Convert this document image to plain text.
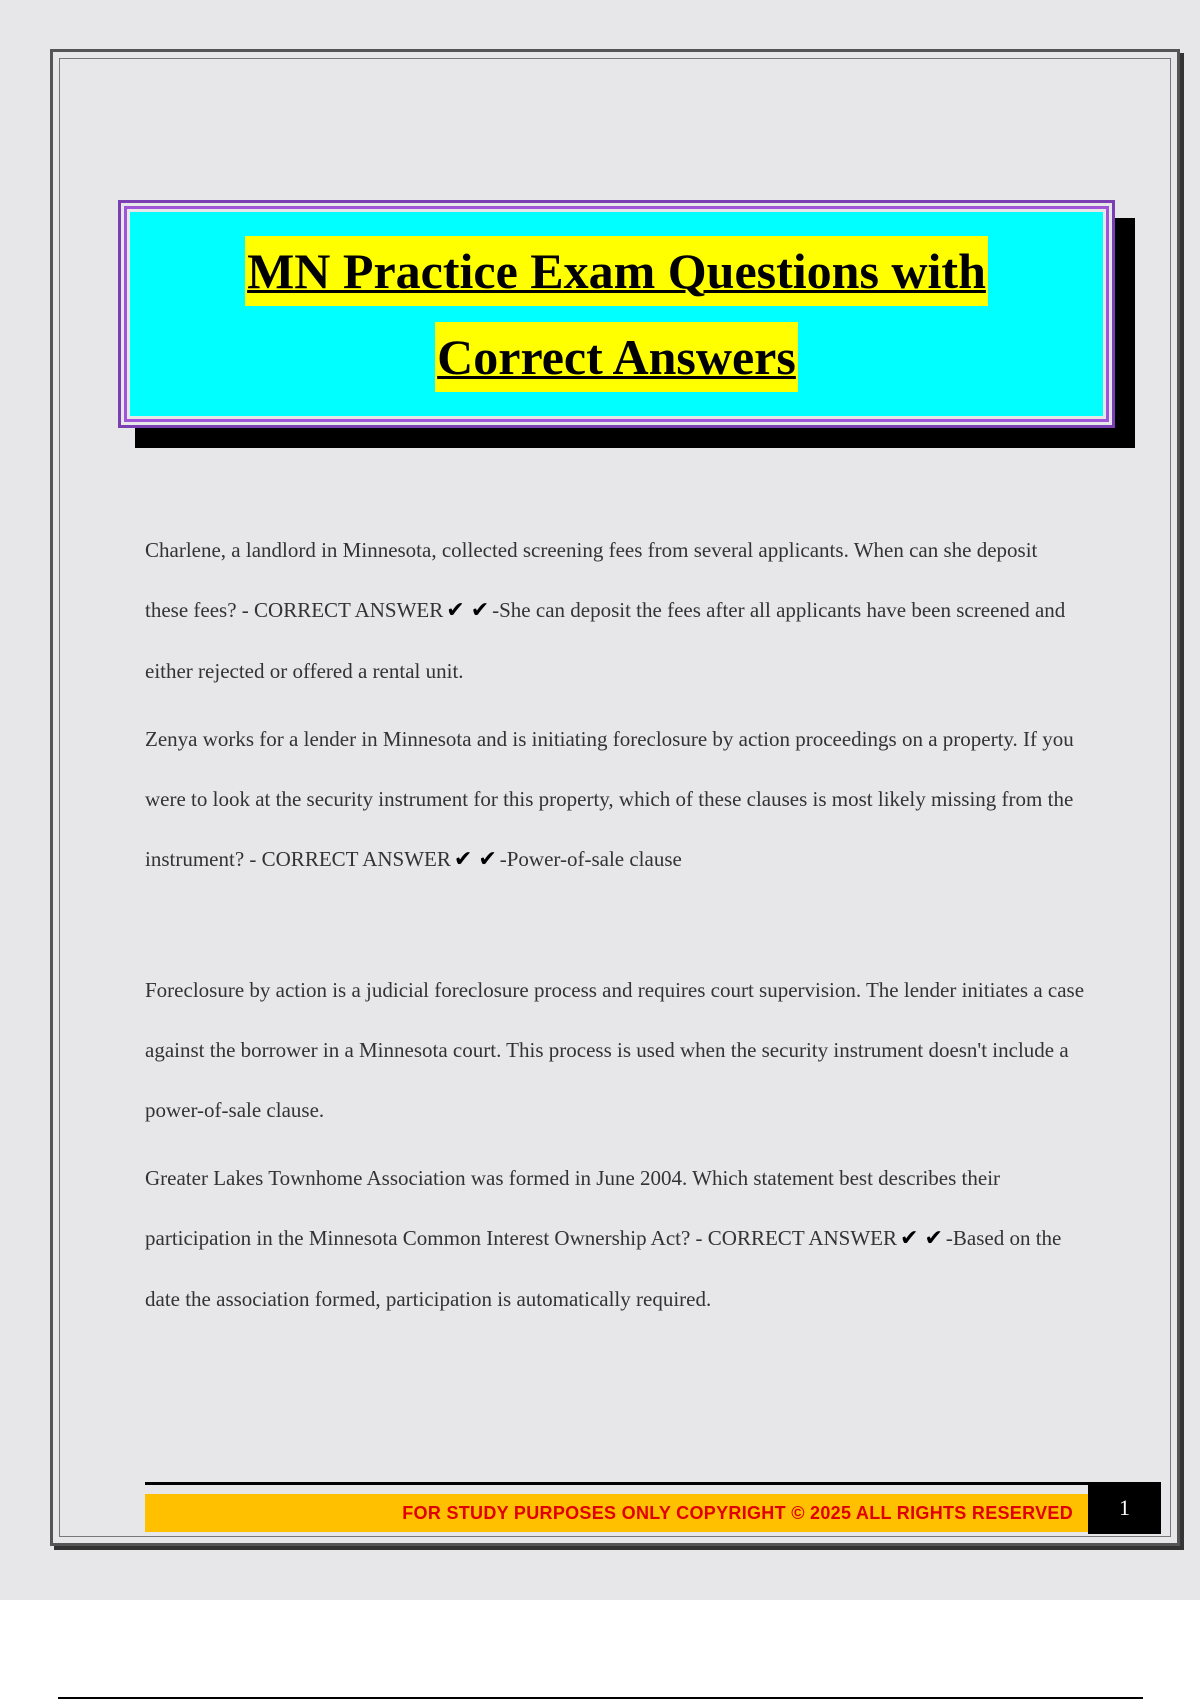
MN Practice Exam Questions with
Correct Answers

Charlene, a landlord in Minnesota, collected screening fees from several applicants. When can she deposit these fees? - CORRECT ANSWER ✔ ✔ -She can deposit the fees after all applicants have been screened and either rejected or offered a rental unit.

Zenya works for a lender in Minnesota and is initiating foreclosure by action proceedings on a property. If you were to look at the security instrument for this property, which of these clauses is most likely missing from the instrument? - CORRECT ANSWER ✔ ✔ -Power-of-sale clause

Foreclosure by action is a judicial foreclosure process and requires court supervision. The lender initiates a case against the borrower in a Minnesota court. This process is used when the security instrument doesn't include a power-of-sale clause.

Greater Lakes Townhome Association was formed in June 2004. Which statement best describes their participation in the Minnesota Common Interest Ownership Act? - CORRECT ANSWER ✔ ✔ -Based on the date the association formed, participation is automatically required.

FOR STUDY PURPOSES ONLY COPYRIGHT © 2025 ALL RIGHTS RESERVED 1
